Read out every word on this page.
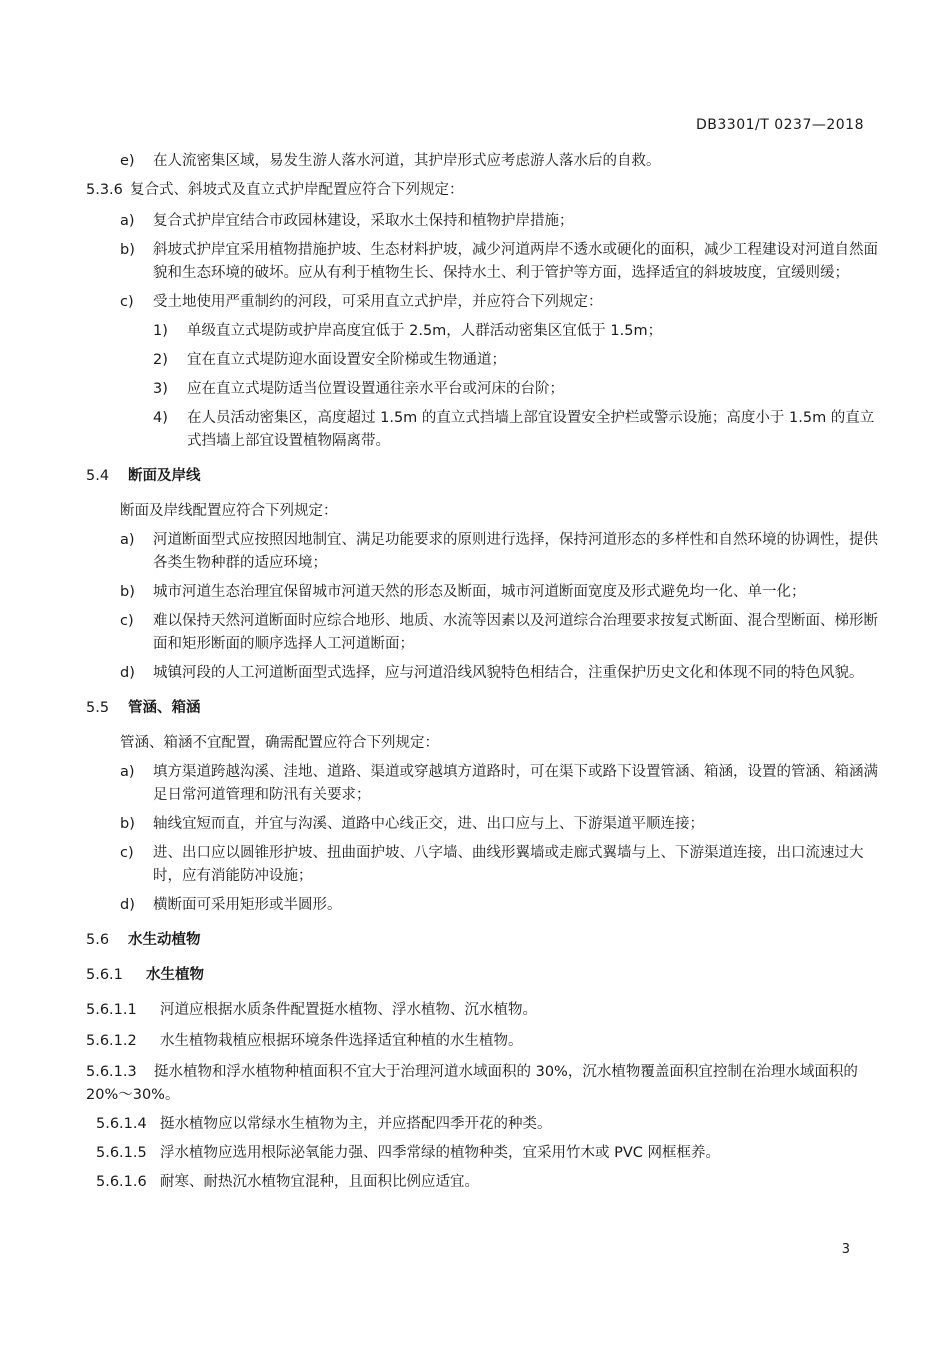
DB3301/T 0237—2018
e) 在人流密集区域，易发生游人落水河道，其护岸形式应考虑游人落水后的自救。
5.3.6 复合式、斜坡式及直立式护岸配置应符合下列规定：
a) 复合式护岸宜结合市政园林建设，采取水土保持和植物护岸措施；
b) 斜坡式护岸宜采用植物措施护坡、生态材料护坡，减少河道两岸不透水或硬化的面积，减少工程建设对河道自然面貌和生态环境的破坏。应从有利于植物生长、保持水土、利于管护等方面，选择适宜的斜坡坡度，宜缓则缓；
c) 受土地使用严重制约的河段，可采用直立式护岸，并应符合下列规定：
1) 单级直立式堤防或护岸高度宜低于 2.5m，人群活动密集区宜低于 1.5m；
2) 宜在直立式堤防迎水面设置安全阶梯或生物通道；
3) 应在直立式堤防适当位置设置通往亲水平台或河床的台阶；
4) 在人员活动密集区，高度超过 1.5m 的直立式挡墙上部宜设置安全护栏或警示设施；高度小于 1.5m 的直立式挡墙上部宜设置植物隔离带。
5.4 断面及岸线
断面及岸线配置应符合下列规定：
a) 河道断面型式应按照因地制宜、满足功能要求的原则进行选择，保持河道形态的多样性和自然环境的协调性，提供各类生物种群的适应环境；
b) 城市河道生态治理宜保留城市河道天然的形态及断面，城市河道断面宽度及形式避免均一化、单一化；
c) 难以保持天然河道断面时应综合地形、地质、水流等因素以及河道综合治理要求按复式断面、混合型断面、梯形断面和矩形断面的顺序选择人工河道断面；
d) 城镇河段的人工河道断面型式选择，应与河道沿线风貌特色相结合，注重保护历史文化和体现不同的特色风貌。
5.5 管涵、箱涵
管涵、箱涵不宜配置，确需配置应符合下列规定：
a) 填方渠道跨越沟溪、洼地、道路、渠道或穿越填方道路时，可在渠下或路下设置管涵、箱涵，设置的管涵、箱涵满足日常河道管理和防汛有关要求；
b) 轴线宜短而直，并宜与沟溪、道路中心线正交，进、出口应与上、下游渠道平顺连接；
c) 进、出口应以圆锥形护坡、扭曲面护坡、八字墙、曲线形翼墙或走廊式翼墙与上、下游渠道连接，出口流速过大时，应有消能防冲设施；
d) 横断面可采用矩形或半圆形。
5.6 水生动植物
5.6.1 水生植物
5.6.1.1 河道应根据水质条件配置挺水植物、浮水植物、沉水植物。
5.6.1.2 水生植物栽植应根据环境条件选择适宜种植的水生植物。
5.6.1.3 挺水植物和浮水植物种植面积不宜大于治理河道水域面积的 30%，沉水植物覆盖面积宜控制在治理水域面积的 20%～30%。
5.6.1.4 挺水植物应以常绿水生植物为主，并应搭配四季开花的种类。
5.6.1.5 浮水植物应选用根际泌氧能力强、四季常绿的植物种类，宜采用竹木或 PVC 网框框养。
5.6.1.6 耐寒、耐热沉水植物宜混种，且面积比例应适宜。
3
